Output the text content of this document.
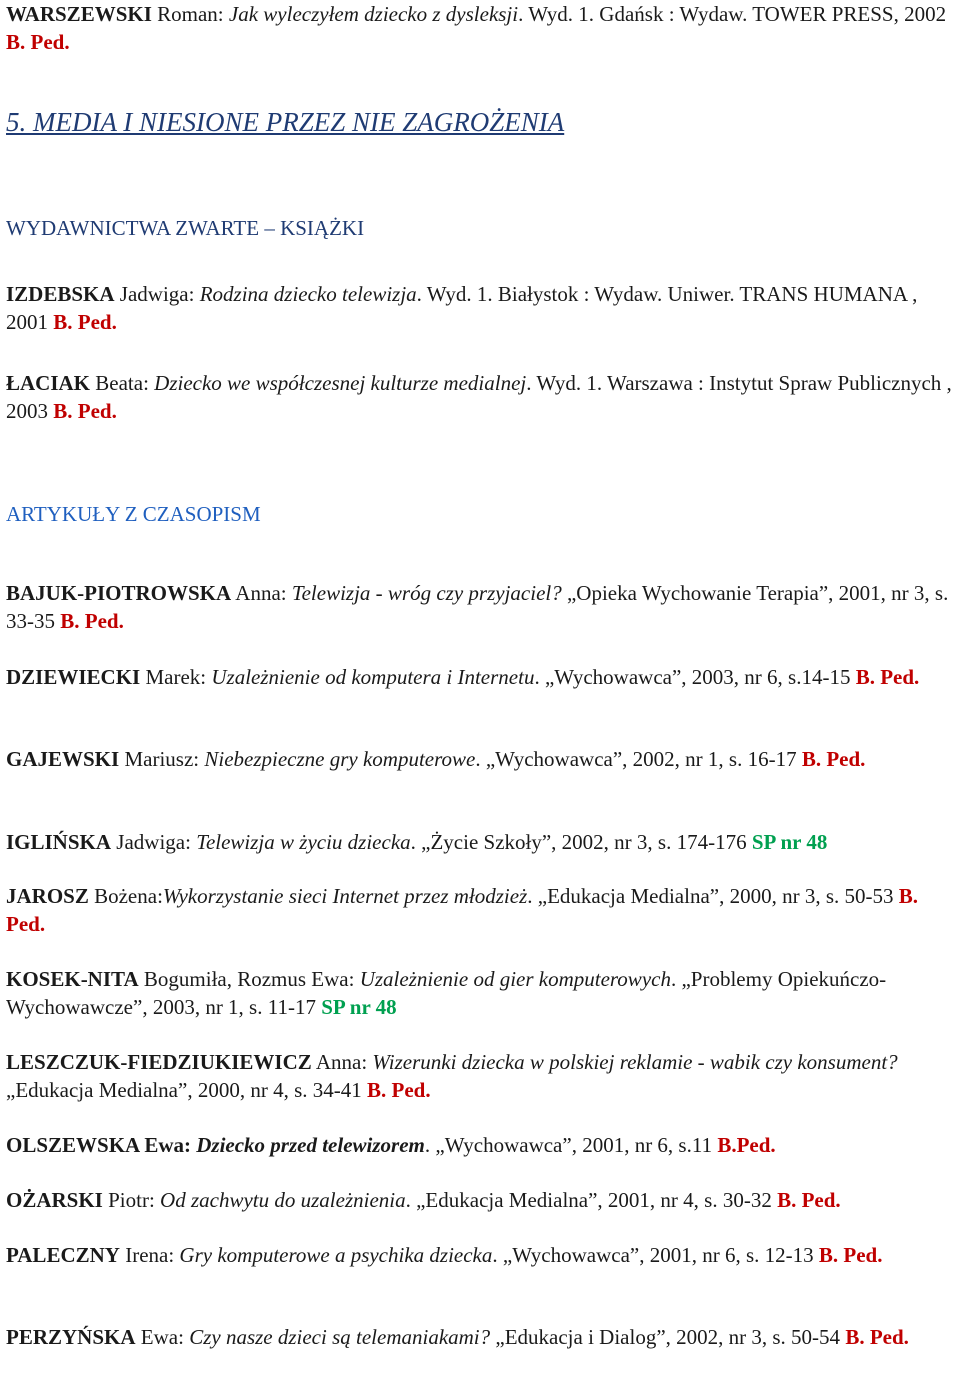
WARSZEWSKI Roman: Jak wyleczyłem dziecko z dysleksji. Wyd. 1. Gdańsk : Wydaw. TOWER PRESS, 2002 B. Ped.

5. MEDIA I NIESIONE PRZEZ NIE ZAGROŻENIA
WYDAWNICTWA ZWARTE – KSIĄŻKI

IZDEBSKA Jadwiga: Rodzina dziecko telewizja. Wyd. 1. Białystok : Wydaw. Uniwer. TRANS HUMANA , 2001 B. Ped.

ŁACIAK Beata: Dziecko we współczesnej kulturze medialnej. Wyd. 1. Warszawa : Instytut Spraw Publicznych , 2003 B. Ped.

ARTYKUŁY Z CZASOPISM

BAJUK-PIOTROWSKA Anna: Telewizja - wróg czy przyjaciel? „Opieka Wychowanie Terapia”, 2001, nr 3, s. 33-35 B. Ped.

DZIEWIECKI Marek: Uzależnienie od komputera i Internetu. „Wychowawca”, 2003, nr 6, s.14-15 B. Ped.

GAJEWSKI Mariusz: Niebezpieczne gry komputerowe. „Wychowawca”, 2002, nr 1, s. 16-17 B. Ped.

IGLIŃSKA Jadwiga: Telewizja w życiu dziecka. „Życie Szkoły”, 2002, nr 3, s. 174-176 SP nr 48

JAROSZ Bożena:Wykorzystanie sieci Internet przez młodzież. „Edukacja Medialna”, 2000, nr 3, s. 50-53 B. Ped.

KOSEK-NITA Bogumiła, Rozmus Ewa: Uzależnienie od gier komputerowych. „Problemy Opiekuńczo-Wychowawcze”, 2003, nr 1, s. 11-17 SP nr 48

LESZCZUK-FIEDZIUKIEWICZ Anna: Wizerunki dziecka w polskiej reklamie - wabik czy konsument? „Edukacja Medialna”, 2000, nr 4, s. 34-41 B. Ped.

OLSZEWSKA Ewa: Dziecko przed telewizorem. „Wychowawca”, 2001, nr 6, s.11 B.Ped.

OŻARSKI Piotr: Od zachwytu do uzależnienia. „Edukacja Medialna”, 2001, nr 4, s. 30-32 B. Ped.

PALECZNY Irena: Gry komputerowe a psychika dziecka. „Wychowawca”, 2001, nr 6, s. 12-13 B. Ped.

PERZYŃSKA Ewa: Czy nasze dzieci są telemaniakami? „Edukacja i Dialog”, 2002, nr 3, s. 50-54 B. Ped.
